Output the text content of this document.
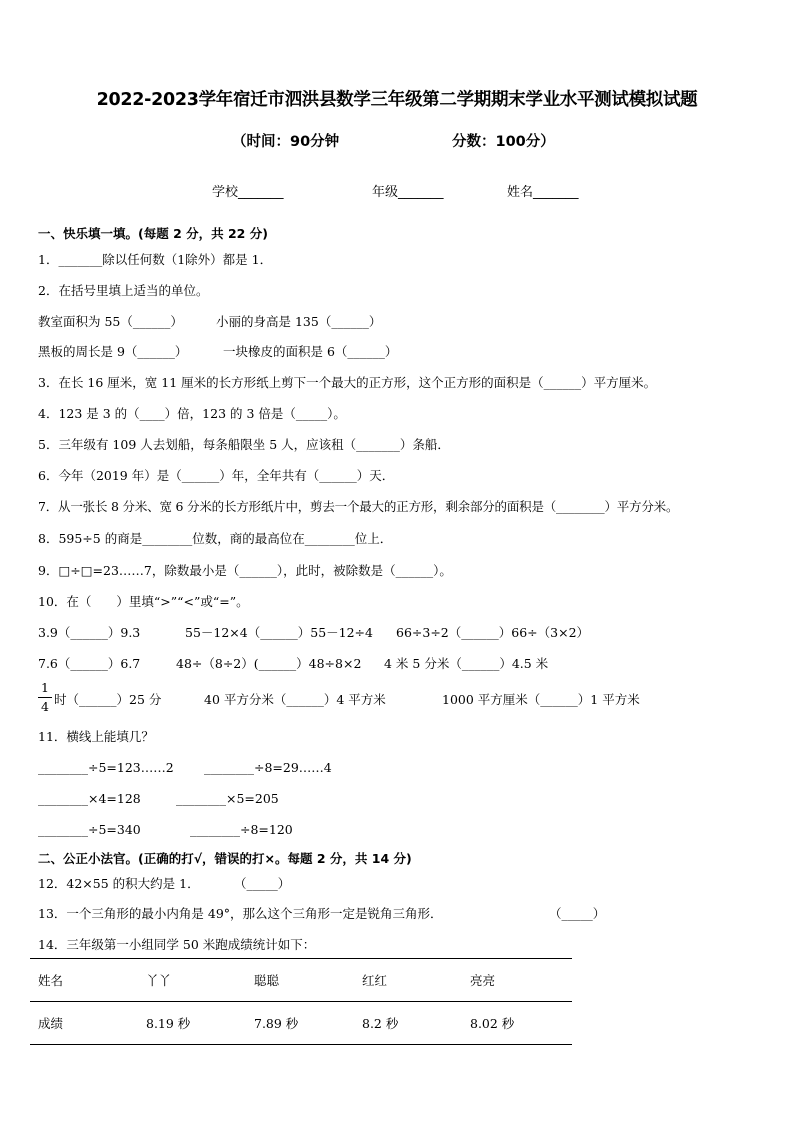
2022-2023学年宿迁市泗洪县数学三年级第二学期期末学业水平测试模拟试题
（时间：90分钟	分数：100分）
学校_______	年级_______	姓名_______
一、快乐填一填。(每题 2 分，共 22 分)
1．_______除以任何数（1除外）都是 1．
2．在括号里填上适当的单位。
教室面积为 55（______）	小丽的身高是 135（______）
黑板的周长是 9（______）	一块橡皮的面积是 6（______）
3．在长 16 厘米，宽 11 厘米的长方形纸上剪下一个最大的正方形，这个正方形的面积是（______）平方厘米。
4．123 是 3 的（____）倍，123 的 3 倍是（_____）。
5．三年级有 109 人去划船，每条船限坐 5 人，应该租（_______）条船．
6．今年（2019 年）是（______）年，全年共有（______）天．
7．从一张长 8 分米、宽 6 分米的长方形纸片中，剪去一个最大的正方形，剩余部分的面积是（________）平方分米。
8．595÷5 的商是________位数，商的最高位在________位上．
9．□÷□=23……7，除数最小是（______），此时，被除数是（______）。
10．在（　　）里填“>”“<”或“=”。
3.9（______）9.3	55－12×4（______）55－12÷4 66÷3÷2（______）66÷（3×2）
7.6（______）6.7	48÷（8÷2）(______）48÷8×2 4 米 5 分米（______）4.5 米
1
4 时（______）25 分	40 平方分米（______）4 平方米	1000 平方厘米（______）1 平方米
11．横线上能填几？
________÷5=123……2 ________÷8=29……4
________×4=128	________×5=205
________÷5=340	________÷8=120
二、公正小法官。(正确的打√，错误的打×。每题 2 分，共 14 分)
12．42×55 的积大约是 1．	（_____）
13．一个三角形的最小内角是 49°，那么这个三角形一定是锐角三角形．	（_____）
14．三年级第一小组同学 50 米跑成绩统计如下：
姓名	丫丫	聪聪	红红	亮亮
成绩	8.19 秒	7.89 秒	8.2 秒	8.02 秒
